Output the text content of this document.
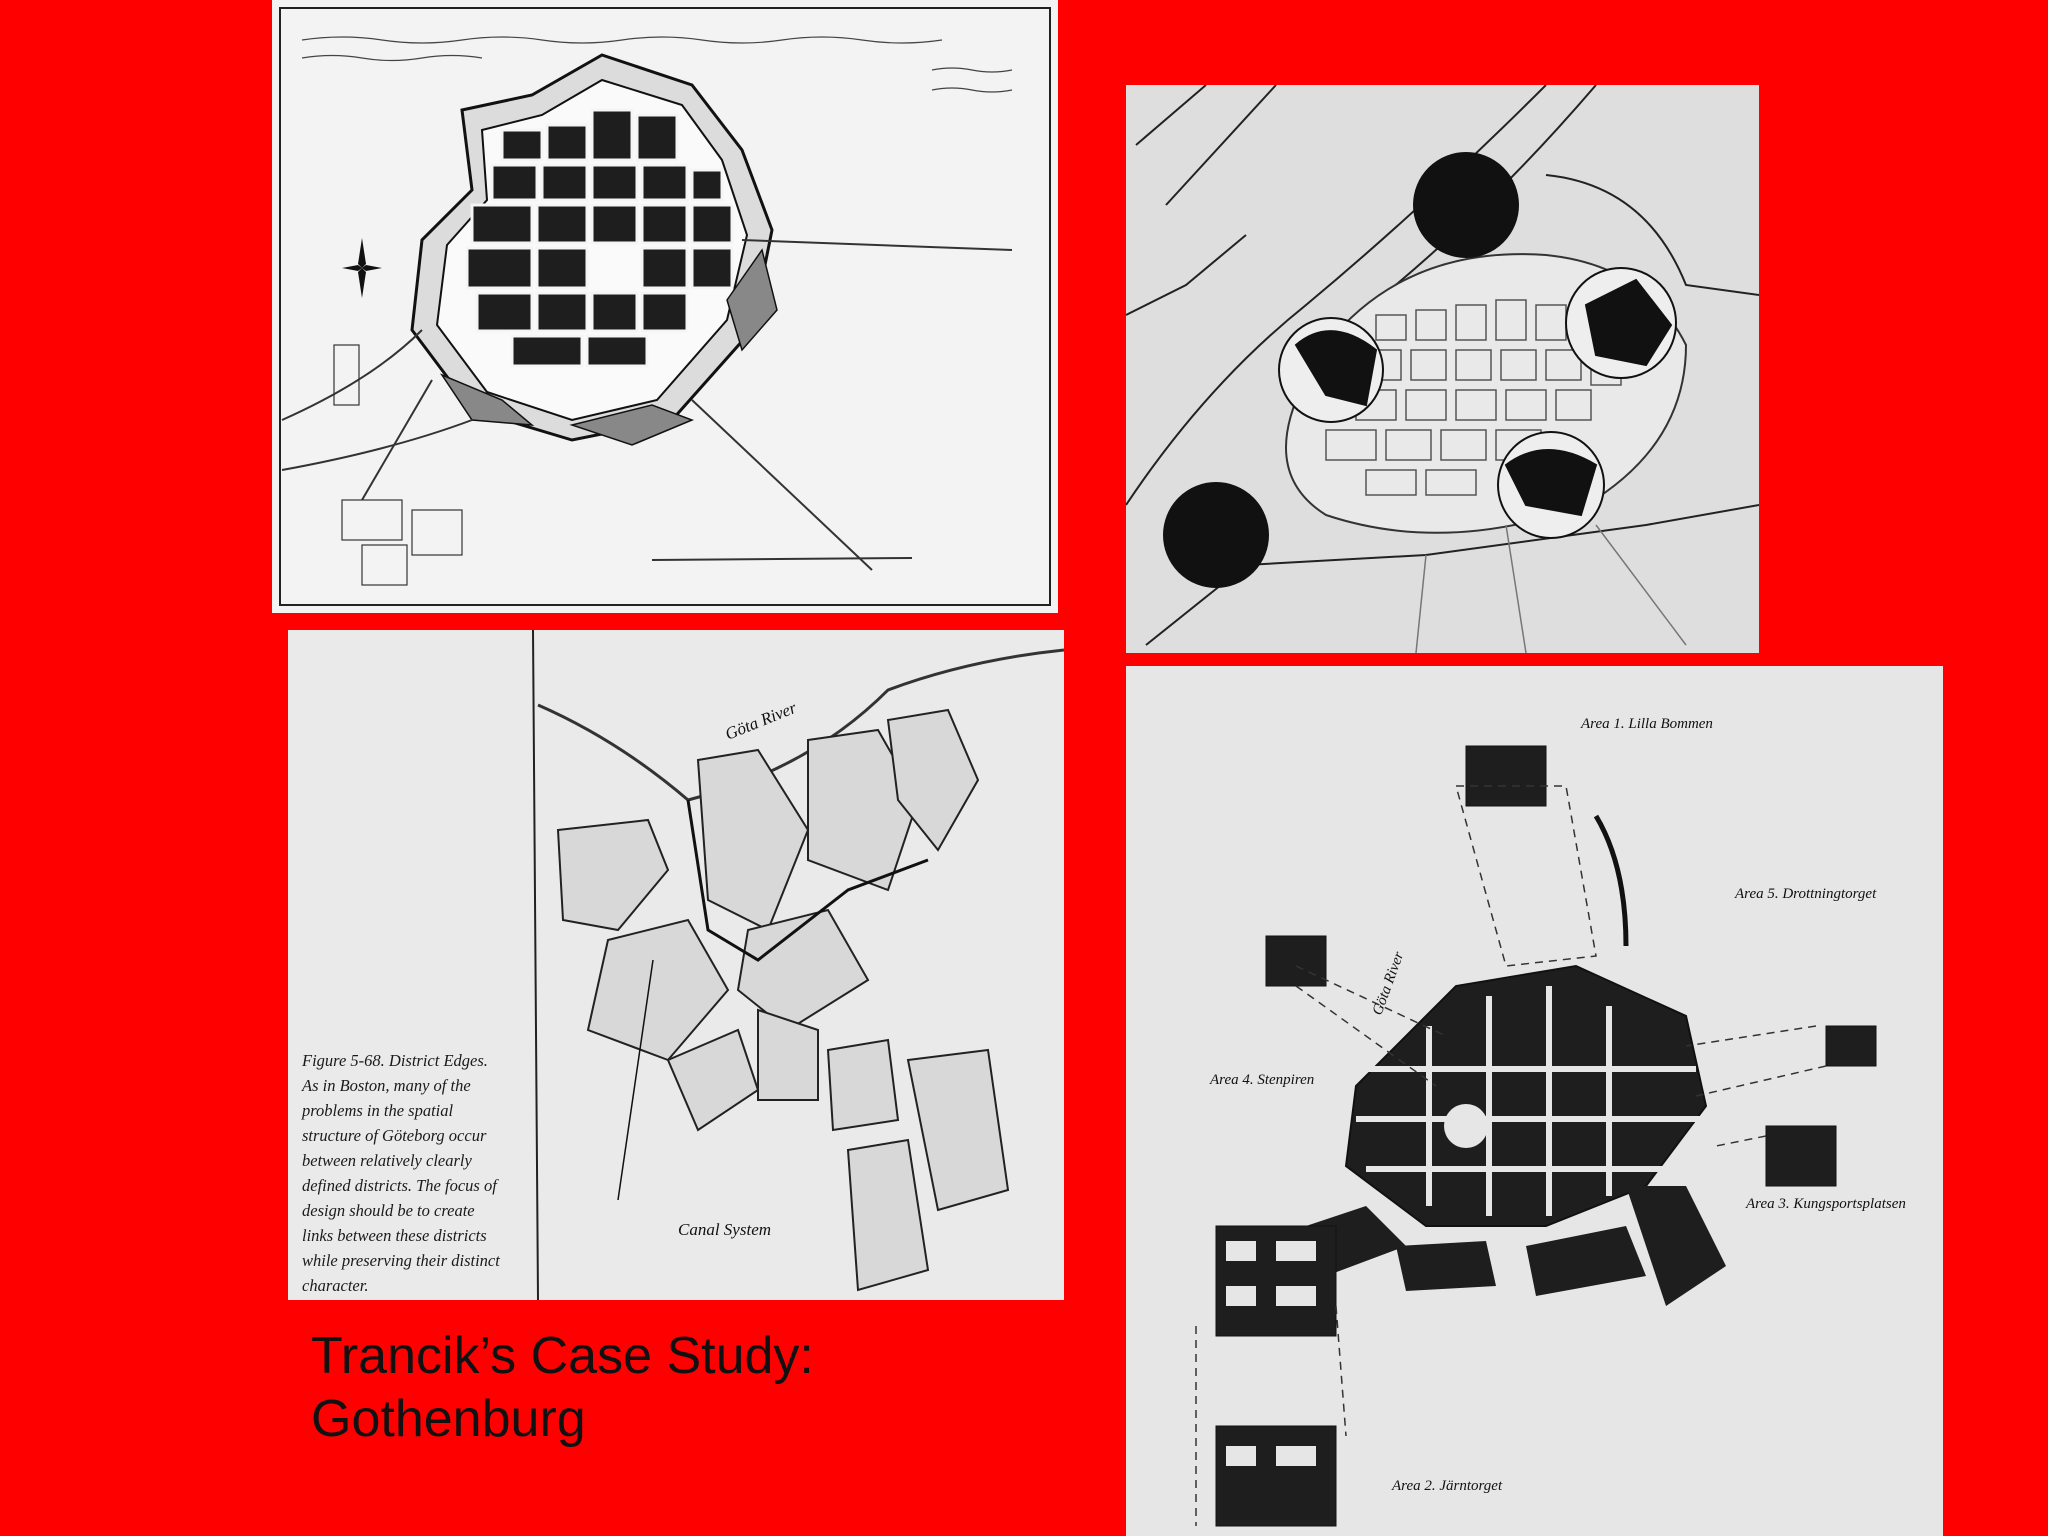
Göta River
Canal System
Figure 5-68. District Edges. As in Boston, many of the problems in the spatial structure of Göteborg occur between relatively clearly defined districts. The focus of design should be to create links between these districts while preserving their distinct character.
Area 1. Lilla Bommen
Area 5. Drottningtorget
Area 4. Stenpiren
Area 3. Kungsportsplatsen
Area 2. Järntorget
Göta River
Trancik’s Case Study:
Gothenburg
